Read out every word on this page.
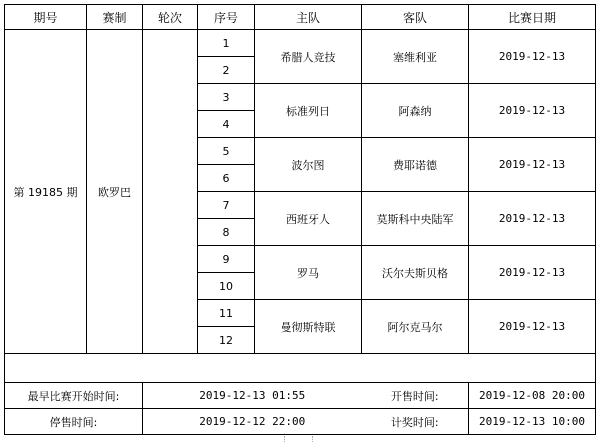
期号	赛制	轮次	序号	主队	客队	比赛日期
第 19185 期	欧罗巴		1	希腊人竞技	塞维利亚	2019-12-13
			2			
			3	标准列日	阿森纳	2019-12-13
			4			
			5	波尔图	费耶诺德	2019-12-13
			6			
			7	西班牙人	莫斯科中央陆军	2019-12-13
			8			
			9	罗马	沃尔夫斯贝格	2019-12-13
			10			
			11	曼彻斯特联	阿尔克马尔	2019-12-13
			12			

最早比赛开始时间:		2019-12-13 01:55			开售时间:	2019-12-08 20:00
停售时间:		2019-12-12 22:00			计奖时间:	2019-12-13 10:00
